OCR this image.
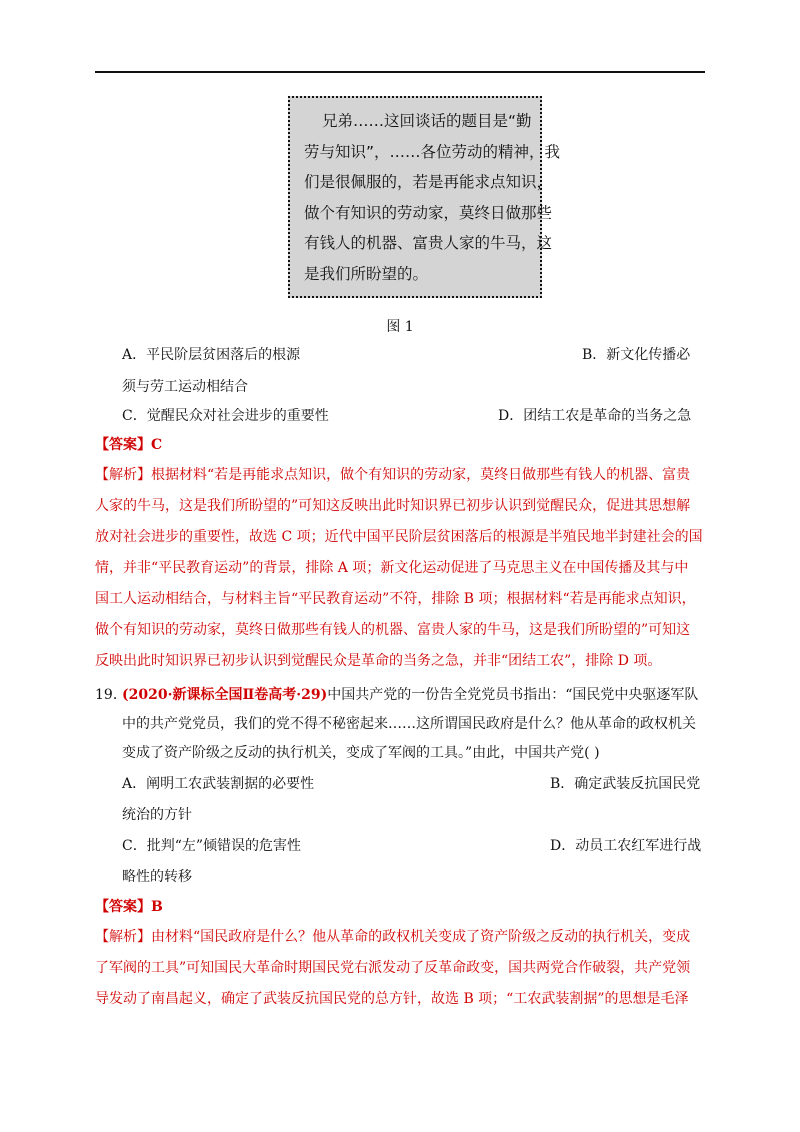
兄弟……这回谈话的题目是“勤

劳与知识”，……各位劳动的精神，我

们是很佩服的，若是再能求点知识，

做个有知识的劳动家，莫终日做那些

有钱人的机器、富贵人家的牛马，这

是我们所盼望的。

图 1
A．平民阶层贫困落后的根源	B．新文化传播必
须与劳工运动相结合
C．觉醒民众对社会进步的重要性	D．团结工农是革命的当务之急
【答案】C

【解析】根据材料“若是再能求点知识，做个有知识的劳动家，莫终日做那些有钱人的机器、富贵

人家的牛马，这是我们所盼望的”可知这反映出此时知识界已初步认识到觉醒民众，促进其思想解

放对社会进步的重要性，故选 C 项；近代中国平民阶层贫困落后的根源是半殖民地半封建社会的国

情，并非“平民教育运动”的背景，排除 A 项；新文化运动促进了马克思主义在中国传播及其与中

国工人运动相结合，与材料主旨“平民教育运动”不符，排除 B 项；根据材料“若是再能求点知识，

做个有知识的劳动家，莫终日做那些有钱人的机器、富贵人家的牛马，这是我们所盼望的”可知这

反映出此时知识界已初步认识到觉醒民众是革命的当务之急，并非“团结工农”，排除 D 项。

19．

(2020·新课标全国Ⅱ卷高考·29)中国共产党的一份告全党党员书指出：“国民党中央驱逐军队

中的共产党党员，我们的党不得不秘密起来……这所谓国民政府是什么？他从革命的政权机关

变成了资产阶级之反动的执行机关，变成了军阀的工具。”由此，中国共产党( )

A．阐明工农武装割据的必要性	B．确定武装反抗国民党
统治的方针
C．批判“左”倾错误的危害性	D．动员工农红军进行战
略性的转移
【答案】B

【解析】由材料“国民政府是什么？他从革命的政权机关变成了资产阶级之反动的执行机关，变成

了军阀的工具”可知国民大革命时期国民党右派发动了反革命政变，国共两党合作破裂，共产党领

导发动了南昌起义，确定了武装反抗国民党的总方针，故选 B 项；“工农武装割据”的思想是毛泽
